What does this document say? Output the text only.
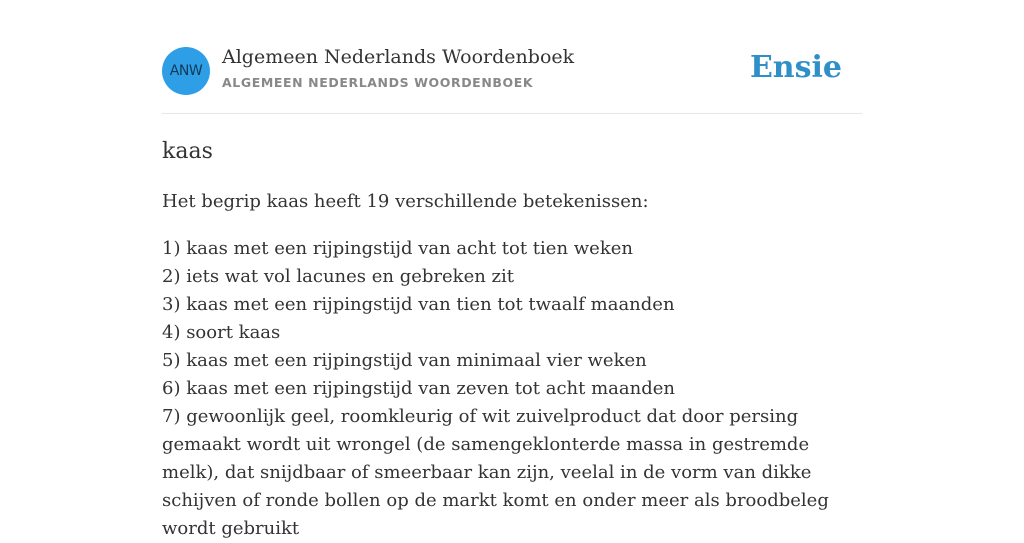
ANW
Algemeen Nederlands Woordenboek
ALGEMEEN NEDERLANDS WOORDENBOEK	Ensie
kaas

Het begrip kaas heeft 19 verschillende betekenissen:

1) kaas met een rijpingstijd van acht tot tien weken
2) iets wat vol lacunes en gebreken zit
3) kaas met een rijpingstijd van tien tot twaalf maanden
4) soort kaas
5) kaas met een rijpingstijd van minimaal vier weken
6) kaas met een rijpingstijd van zeven tot acht maanden
7) gewoonlijk geel, roomkleurig of wit zuivelproduct dat door persing gemaakt wordt uit wrongel (de samengeklonterde massa in gestremde melk), dat snijdbaar of smeerbaar kan zijn, veelal in de vorm van dikke schijven of ronde bollen op de markt komt en onder meer als broodbeleg wordt gebruikt
